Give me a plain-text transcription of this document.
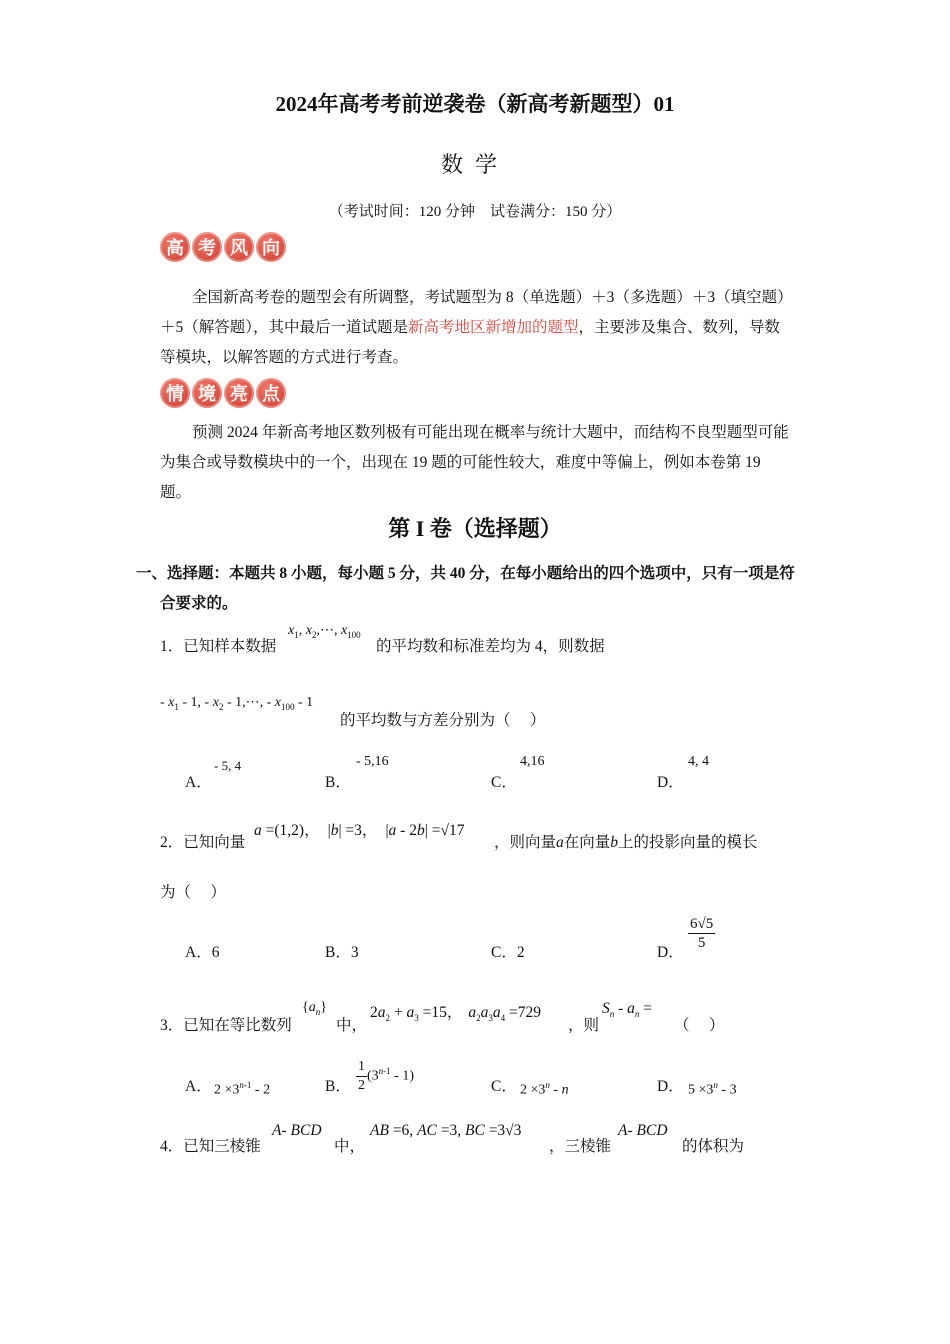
2024年高考考前逆袭卷（新高考新题型）01
数学
（考试时间：120 分钟　试卷满分：150 分）
高 考 风 向

全国新高考卷的题型会有所调整，考试题型为 8（单选题）＋3（多选题）＋3（填空题）＋5（解答题），其中最后一道试题是新高考地区新增加的题型，主要涉及集合、数列，导数等模块，以解答题的方式进行考查。

情 境 亮 点

预测 2024 年新高考地区数列极有可能出现在概率与统计大题中，而结构不良型题型可能为集合或导数模块中的一个，出现在 19 题的可能性较大，难度中等偏上，例如本卷第 19 题。

第 I 卷（选择题）
一、选择题：本题共 8 小题，每小题 5 分，共 40 分，在每小题给出的四个选项中，只有一项是符合要求的。
1．已知样本数据
$x_1$, $x_2,\cdots$, $x_{100}$
的平均数和标准差均为 4，则数据
- $x_1 - 1$, - $x_2$ - 1,⋯, - $x_{100} - 1$
的平均数与方差分别为（　 ）
A．
- 5, 4
B．
- 5,16
C．
4,16
D．
4, 4
2．已知向量
a =(1,2)， |b| =3， |a - 2b| =√17
，则向量a在向量b上的投影向量的模长
为（　 ）
A．6	B．3	C．2	D．
$\frac{6√5}{5}$
3．已知在等比数列
$\{a_n\}$
中，
$2a_2 + a_3 =15$， $a_2a_3a_4 =729$
，则
$S_n - a_n$ =
（　 ）
A． $2 \times 3^{n-1} - 2$	B． $\frac{1}{2} (3^{n-1} - 1)$
C． $2 \times 3^n - n$	D． $5 \times 3^n - 3$
4．已知三棱锥
A- BCD
中，
AB =6, AC =3, BC =3√3
，三棱锥
A- BCD
的体积为
